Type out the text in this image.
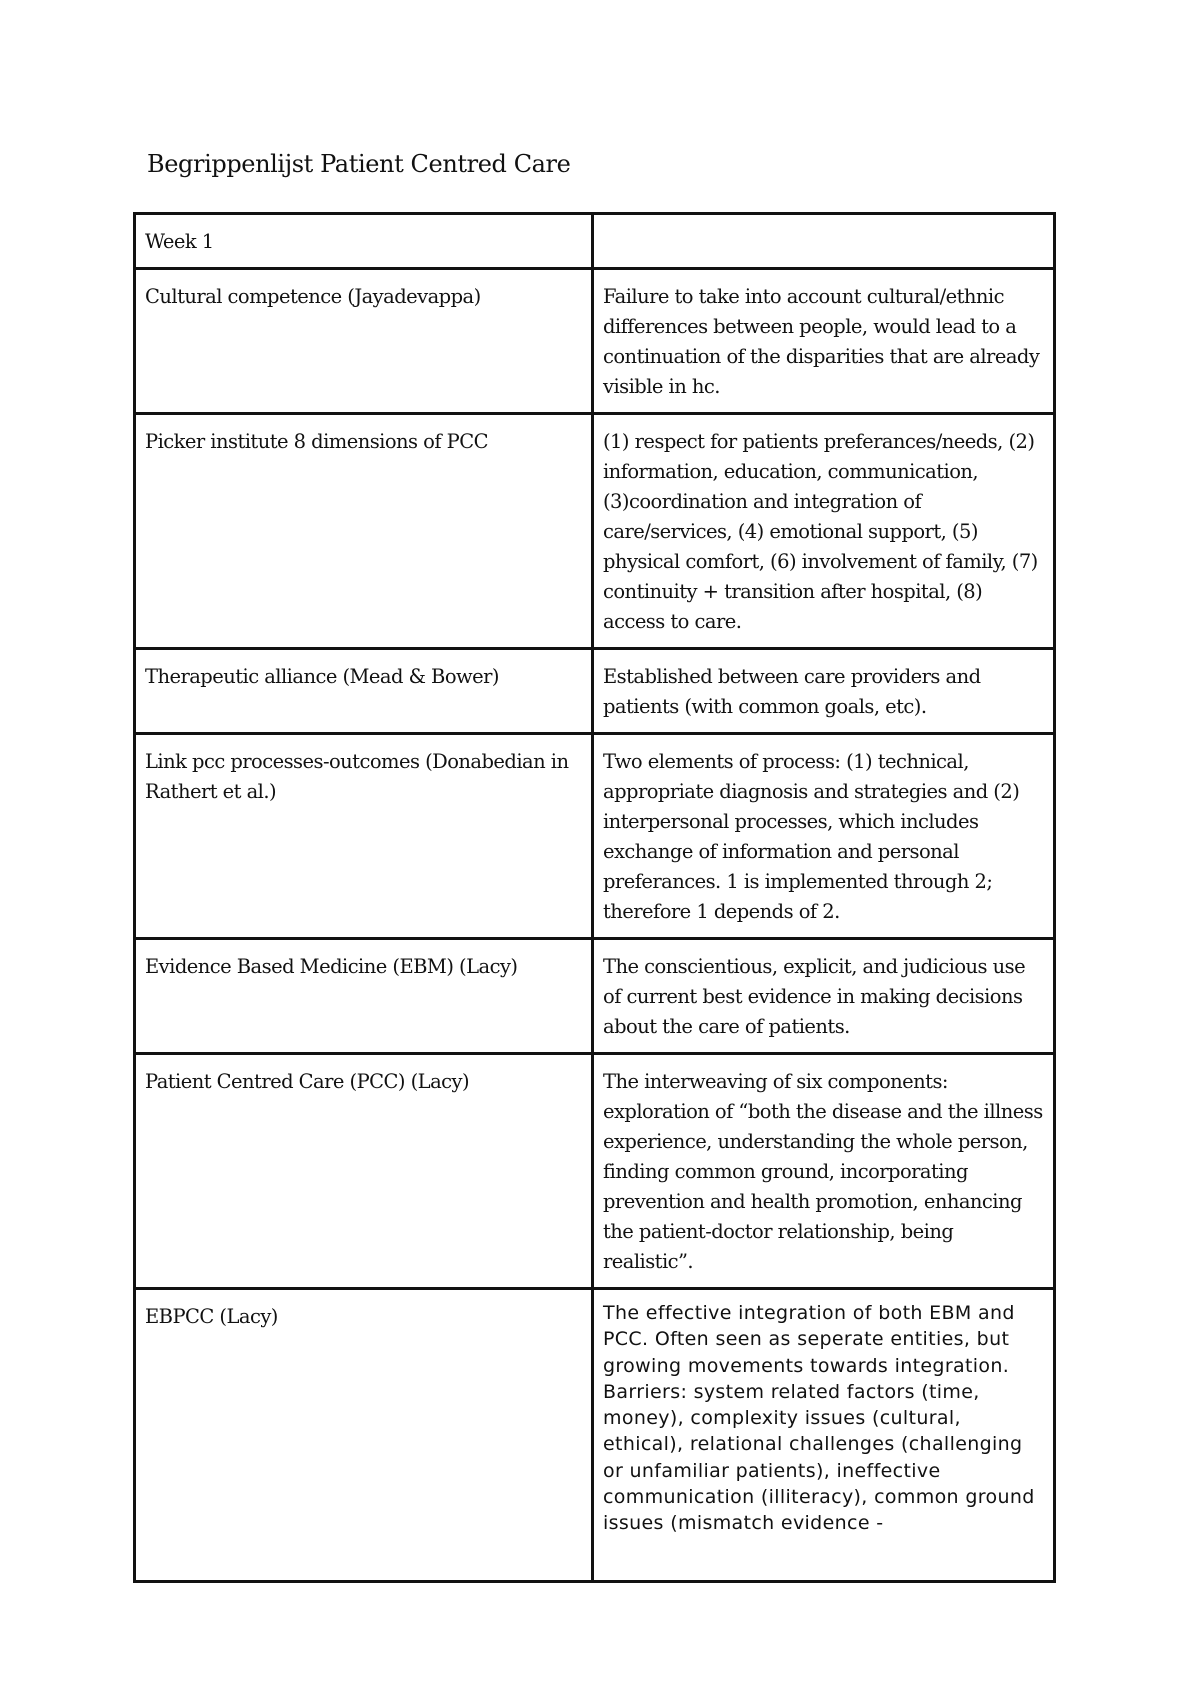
Begrippenlijst Patient Centred Care
Week 1	
Cultural competence (Jayadevappa)	Failure to take into account cultural/ethnic differences between people, would lead to a continuation of the disparities that are already visible in hc.
Picker institute 8 dimensions of PCC	(1) respect for patients preferances/needs, (2) information, education, communication, (3)coordination and integration of care/services, (4) emotional support, (5) physical comfort, (6) involvement of family, (7) continuity + transition after hospital, (8) access to care.
Therapeutic alliance (Mead & Bower)	Established between care providers and patients (with common goals, etc).
Link pcc processes-outcomes (Donabedian in Rathert et al.)	Two elements of process: (1) technical, appropriate diagnosis and strategies and (2) interpersonal processes, which includes exchange of information and personal preferances. 1 is implemented through 2; therefore 1 depends of 2.
Evidence Based Medicine (EBM) (Lacy)	The conscientious, explicit, and judicious use of current best evidence in making decisions about the care of patients.
Patient Centred Care (PCC) (Lacy)	The interweaving of six components: exploration of “both the disease and the illness experience, understanding the whole person, finding common ground, incorporating prevention and health promotion, enhancing the patient-doctor relationship, being realistic”.
EBPCC (Lacy)	The effective integration of both EBM and PCC. Often seen as seperate entities, but growing movements towards integration. Barriers: system related factors (time, money), complexity issues (cultural, ethical), relational challenges (challenging or unfamiliar patients), ineffective communication (illiteracy), common ground issues (mismatch evidence -
